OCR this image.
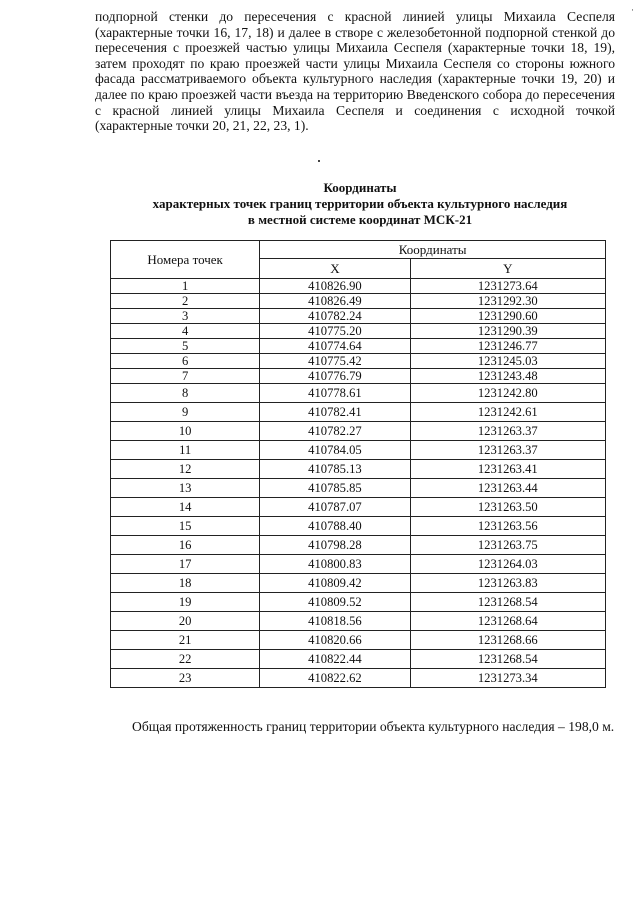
·

подпорной стенки до пересечения с красной линией улицы Михаила Сеспеля (характерные точки 16, 17, 18) и далее в створе с железобетонной подпорной стенкой до пересечения с проезжей частью улицы Михаила Сеспеля (характерные точки 18, 19), затем проходят по краю проезжей части улицы Михаила Сеспеля со стороны южного фасада рассматриваемого объекта культурного наследия (характерные точки 19, 20) и далее по краю проезжей части въезда на территорию Введенского собора до пересечения с красной линией улицы Михаила Сеспеля и соединения с исходной точкой (характерные точки 20, 21, 22, 23, 1).

Координаты
характерных точек границ территории объекта культурного наследия
в местной системе координат МСК-21
Номера точек	Координаты	
	X	Y
1	410826.90	1231273.64
2	410826.49	1231292.30
3	410782.24	1231290.60
4	410775.20	1231290.39
5	410774.64	1231246.77
6	410775.42	1231245.03
7	410776.79	1231243.48
8	410778.61	1231242.80
9	410782.41	1231242.61
10	410782.27	1231263.37
11	410784.05	1231263.37
12	410785.13	1231263.41
13	410785.85	1231263.44
14	410787.07	1231263.50
15	410788.40	1231263.56
16	410798.28	1231263.75
17	410800.83	1231264.03
18	410809.42	1231263.83
19	410809.52	1231268.54
20	410818.56	1231268.64
21	410820.66	1231268.66
22	410822.44	1231268.54
23	410822.62	1231273.34

Общая протяженность границ территории объекта культурного наследия – 198,0 м.
